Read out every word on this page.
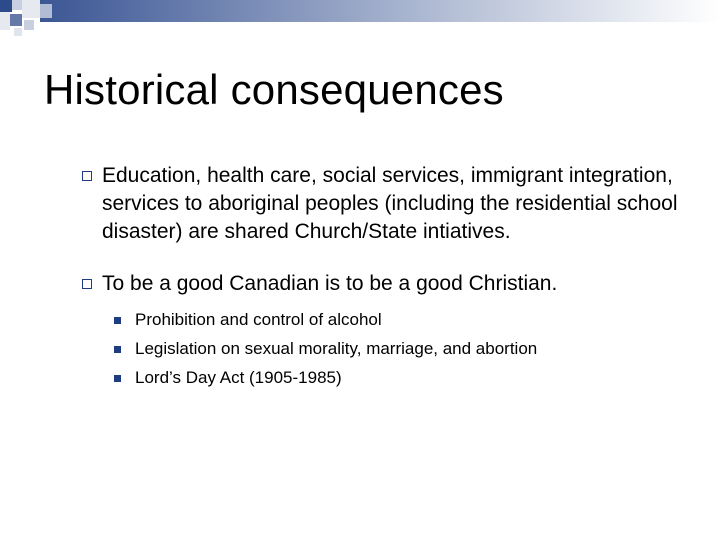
Historical consequences
Education, health care, social services, immigrant integration, services to aboriginal peoples (including the residential school disaster) are shared Church/State intiatives.
To be a good Canadian is to be a good Christian.
Prohibition and control of alcohol
Legislation on sexual morality, marriage, and abortion
Lord’s Day Act (1905-1985)
